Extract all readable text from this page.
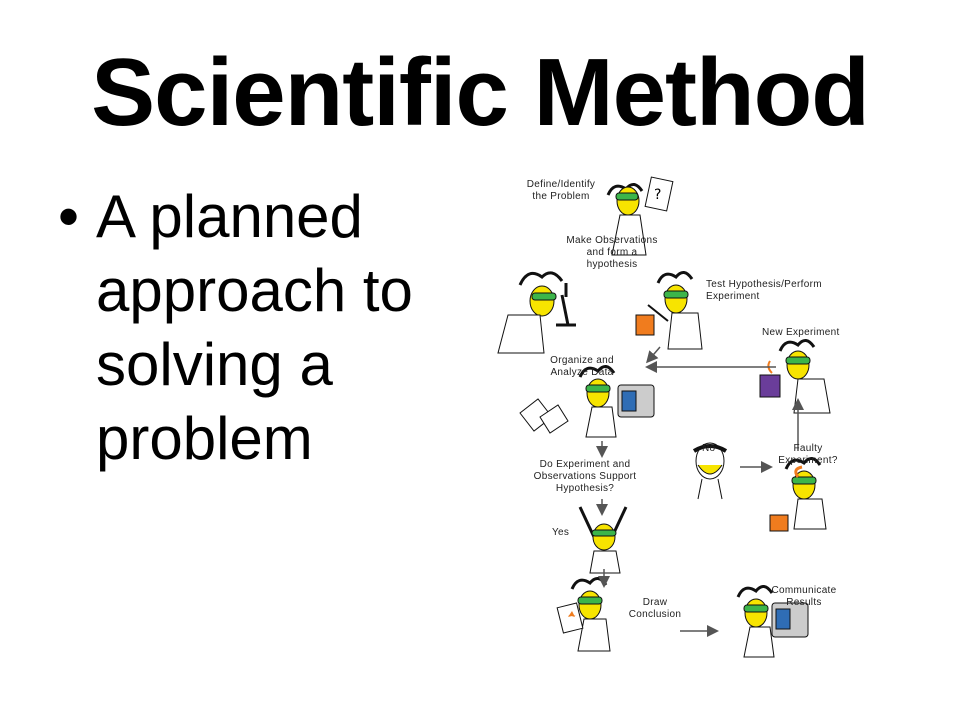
Scientific Method
• A planned approach to solving a problem
?
Define/Identify the Problem
Make Observations and form a hypothesis
Test Hypothesis/Perform Experiment
New Experiment
Organize and Analyze Data
Do Experiment and Observations Support Hypothesis?
No	Faulty Experiment?
Yes
Draw Conclusion
Communicate Results
